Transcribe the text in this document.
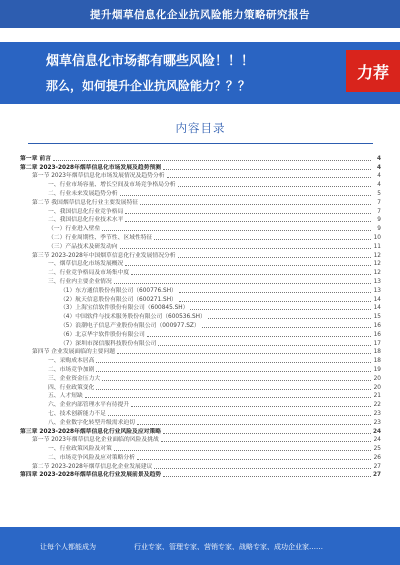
提升烟草信息化企业抗风险能力策略研究报告
烟草信息化市场都有哪些风险！！！
那么，如何提升企业抗风险能力？？？
力荐
内容目录
第一章 前言	4
第二章 2023-2028年烟草信息化市场发展及趋势预测	4
第一节 2023年烟草信息化市场发展情况及趋势分析	4
一、行业市场容量、增长空间及市场竞争格局分析	4
二、行业未来发展趋势分析	5
第二节 我国烟草信息化行业主要发展特征	7
一、我国信息化行业竞争格局	7
二、我国信息化行业技术水平	9
（一）行业进入壁垒	9
（二）行业周期性、季节性、区域性特征	10
（三）产品技术及研发动向	11
第三节 2023-2028年中国烟草信息化行业发展情况分析	12
一、烟草信息化市场发展概况	12
二、行业竞争格局及市场集中度	12
三、行业内主要企业情况	13
（1）东方通信股份有限公司（600776.SH）	13
（2）航天信息股份有限公司（600271.SH）	14
（3）上海宝信软件股份有限公司（600845.SH）	14
（4）中国软件与技术服务股份有限公司（600536.SH）	15
（5）浪潮电子信息产业股份有限公司（000977.SZ）	16
（6）北京华宇软件股份有限公司	16
（7）深圳市深信服科技股份有限公司	17
第四节 企业发展面临的主要问题	18
一、采购成本居高	18
二、市场竞争加剧	19
三、企业资金压力大	20
四、行业政策变化	20
五、人才短缺	21
六、企业内部管理水平有待提升	22
七、技术创新能力不足	23
八、企业数字化转型升级需求迫切	23
第三章 2023-2028年烟草信息化行业风险及应对策略	24
第一节 2023年烟草信息化企业面临的风险及挑战	24
一、行业政策风险及对策	25
二、市场竞争风险及应对策略分析	26
第二节 2023-2028年烟草信息化企业发展建议	27
第四章 2023-2028年烟草信息化行业发展前景及趋势	27
让每个人都能成为	行业专家、管理专家、营销专家、战略专家、成功企业家……
